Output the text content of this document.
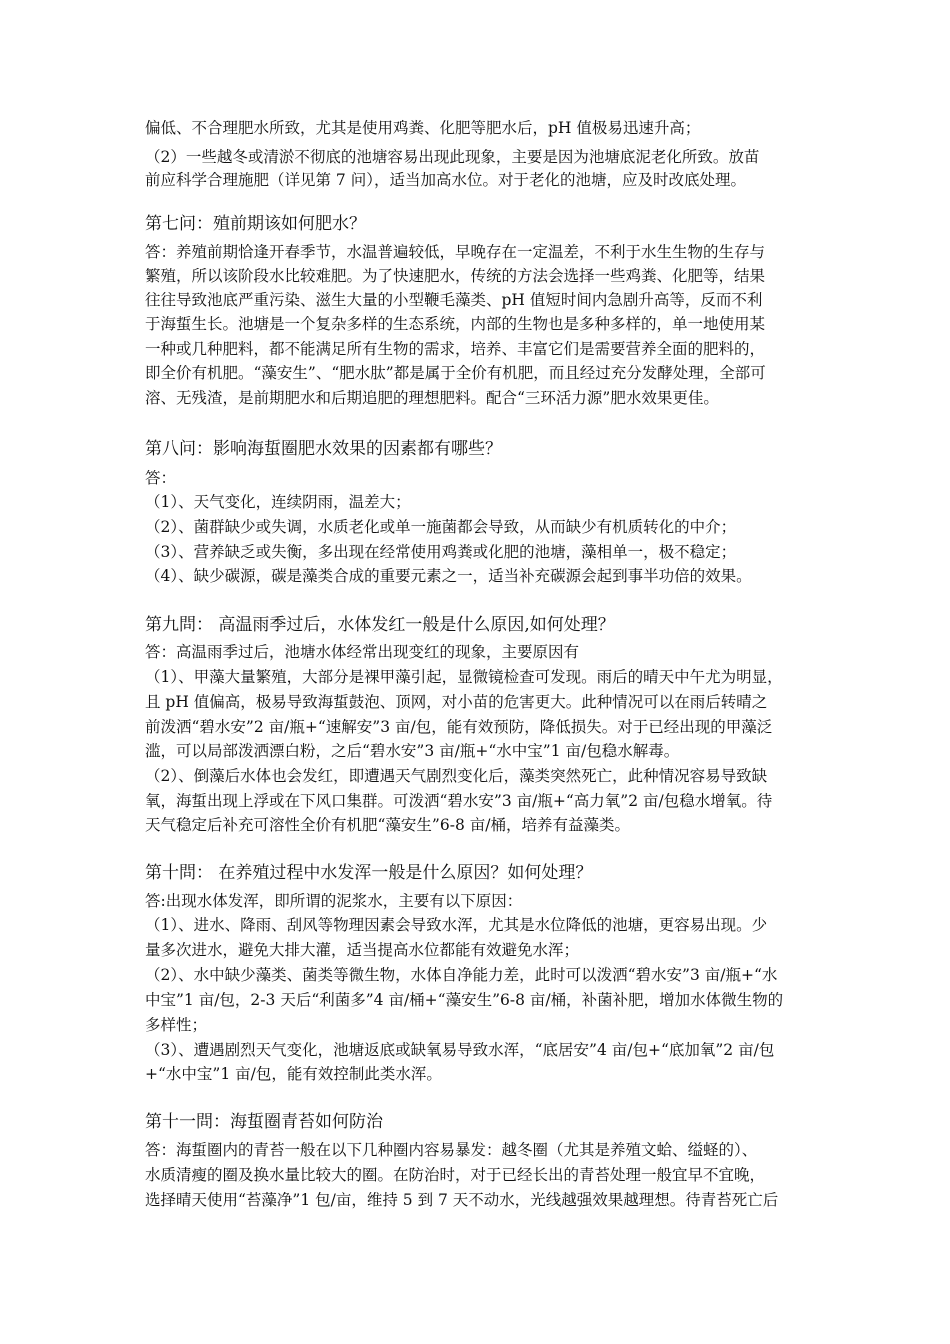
偏低、不合理肥水所致，尤其是使用鸡粪、化肥等肥水后，pH 值极易迅速升高；
（2）一些越冬或清淤不彻底的池塘容易出现此现象，主要是因为池塘底泥老化所致。放苗
前应科学合理施肥（详见第 7 问），适当加高水位。对于老化的池塘，应及时改底处理。
第七问：殖前期该如何肥水？
答：养殖前期恰逢开春季节，水温普遍较低，早晚存在一定温差，不利于水生生物的生存与
繁殖，所以该阶段水比较难肥。为了快速肥水，传统的方法会选择一些鸡粪、化肥等，结果
往往导致池底严重污染、滋生大量的小型鞭毛藻类、pH 值短时间内急剧升高等，反而不利
于海蜇生长。池塘是一个复杂多样的生态系统，内部的生物也是多种多样的，单一地使用某
一种或几种肥料，都不能满足所有生物的需求，培养、丰富它们是需要营养全面的肥料的，
即全价有机肥。“藻安生”、“肥水肽”都是属于全价有机肥，而且经过充分发酵处理，全部可
溶、无残渣，是前期肥水和后期追肥的理想肥料。配合“三环活力源”肥水效果更佳。
第八问：影响海蜇圈肥水效果的因素都有哪些？
答：
（1）、天气变化，连续阴雨，温差大；
（2）、菌群缺少或失调，水质老化或单一施菌都会导致，从而缺少有机质转化的中介；
（3）、营养缺乏或失衡，多出现在经常使用鸡粪或化肥的池塘，藻相单一，极不稳定；
（4）、缺少碳源，碳是藻类合成的重要元素之一，适当补充碳源会起到事半功倍的效果。
第九問： 高温雨季过后，水体发红一般是什么原因,如何处理？
答：高温雨季过后，池塘水体经常出现变红的现象，主要原因有
（1）、甲藻大量繁殖，大部分是裸甲藻引起，显微镜检查可发现。雨后的晴天中午尤为明显，
且 pH 值偏高，极易导致海蜇鼓泡、顶网，对小苗的危害更大。此种情况可以在雨后转晴之
前泼洒“碧水安”2 亩/瓶+“速解安”3 亩/包，能有效预防，降低损失。对于已经出现的甲藻泛
滥，可以局部泼洒漂白粉，之后“碧水安”3 亩/瓶+“水中宝”1 亩/包稳水解毒。
（2）、倒藻后水体也会发红，即遭遇天气剧烈变化后，藻类突然死亡，此种情况容易导致缺
氧，海蜇出现上浮或在下风口集群。可泼洒“碧水安”3 亩/瓶+“高力氧”2 亩/包稳水增氧。待
天气稳定后补充可溶性全价有机肥“藻安生”6-8 亩/桶，培养有益藻类。
第十問： 在养殖过程中水发浑一般是什么原因？如何处理？
答:出现水体发浑，即所谓的泥浆水，主要有以下原因：
（1）、进水、降雨、刮风等物理因素会导致水浑，尤其是水位降低的池塘，更容易出现。少
量多次进水，避免大排大灌，适当提高水位都能有效避免水浑；
（2）、水中缺少藻类、菌类等微生物，水体自净能力差，此时可以泼洒“碧水安”3 亩/瓶+“水
中宝”1 亩/包，2-3 天后“利菌多”4 亩/桶+“藻安生”6-8 亩/桶，补菌补肥，增加水体微生物的
多样性；
（3）、遭遇剧烈天气变化，池塘返底或缺氧易导致水浑，“底居安”4 亩/包+“底加氧”2 亩/包
+“水中宝”1 亩/包，能有效控制此类水浑。
第十一問：海蜇圈青苔如何防治
答：海蜇圈内的青苔一般在以下几种圈内容易暴发：越冬圈（尤其是养殖文蛤、缢蛏的）、
水质清瘦的圈及换水量比较大的圈。在防治时，对于已经长出的青苔处理一般宜早不宜晚，
选择晴天使用“苔藻净”1 包/亩，维持 5 到 7 天不动水，光线越强效果越理想。待青苔死亡后
